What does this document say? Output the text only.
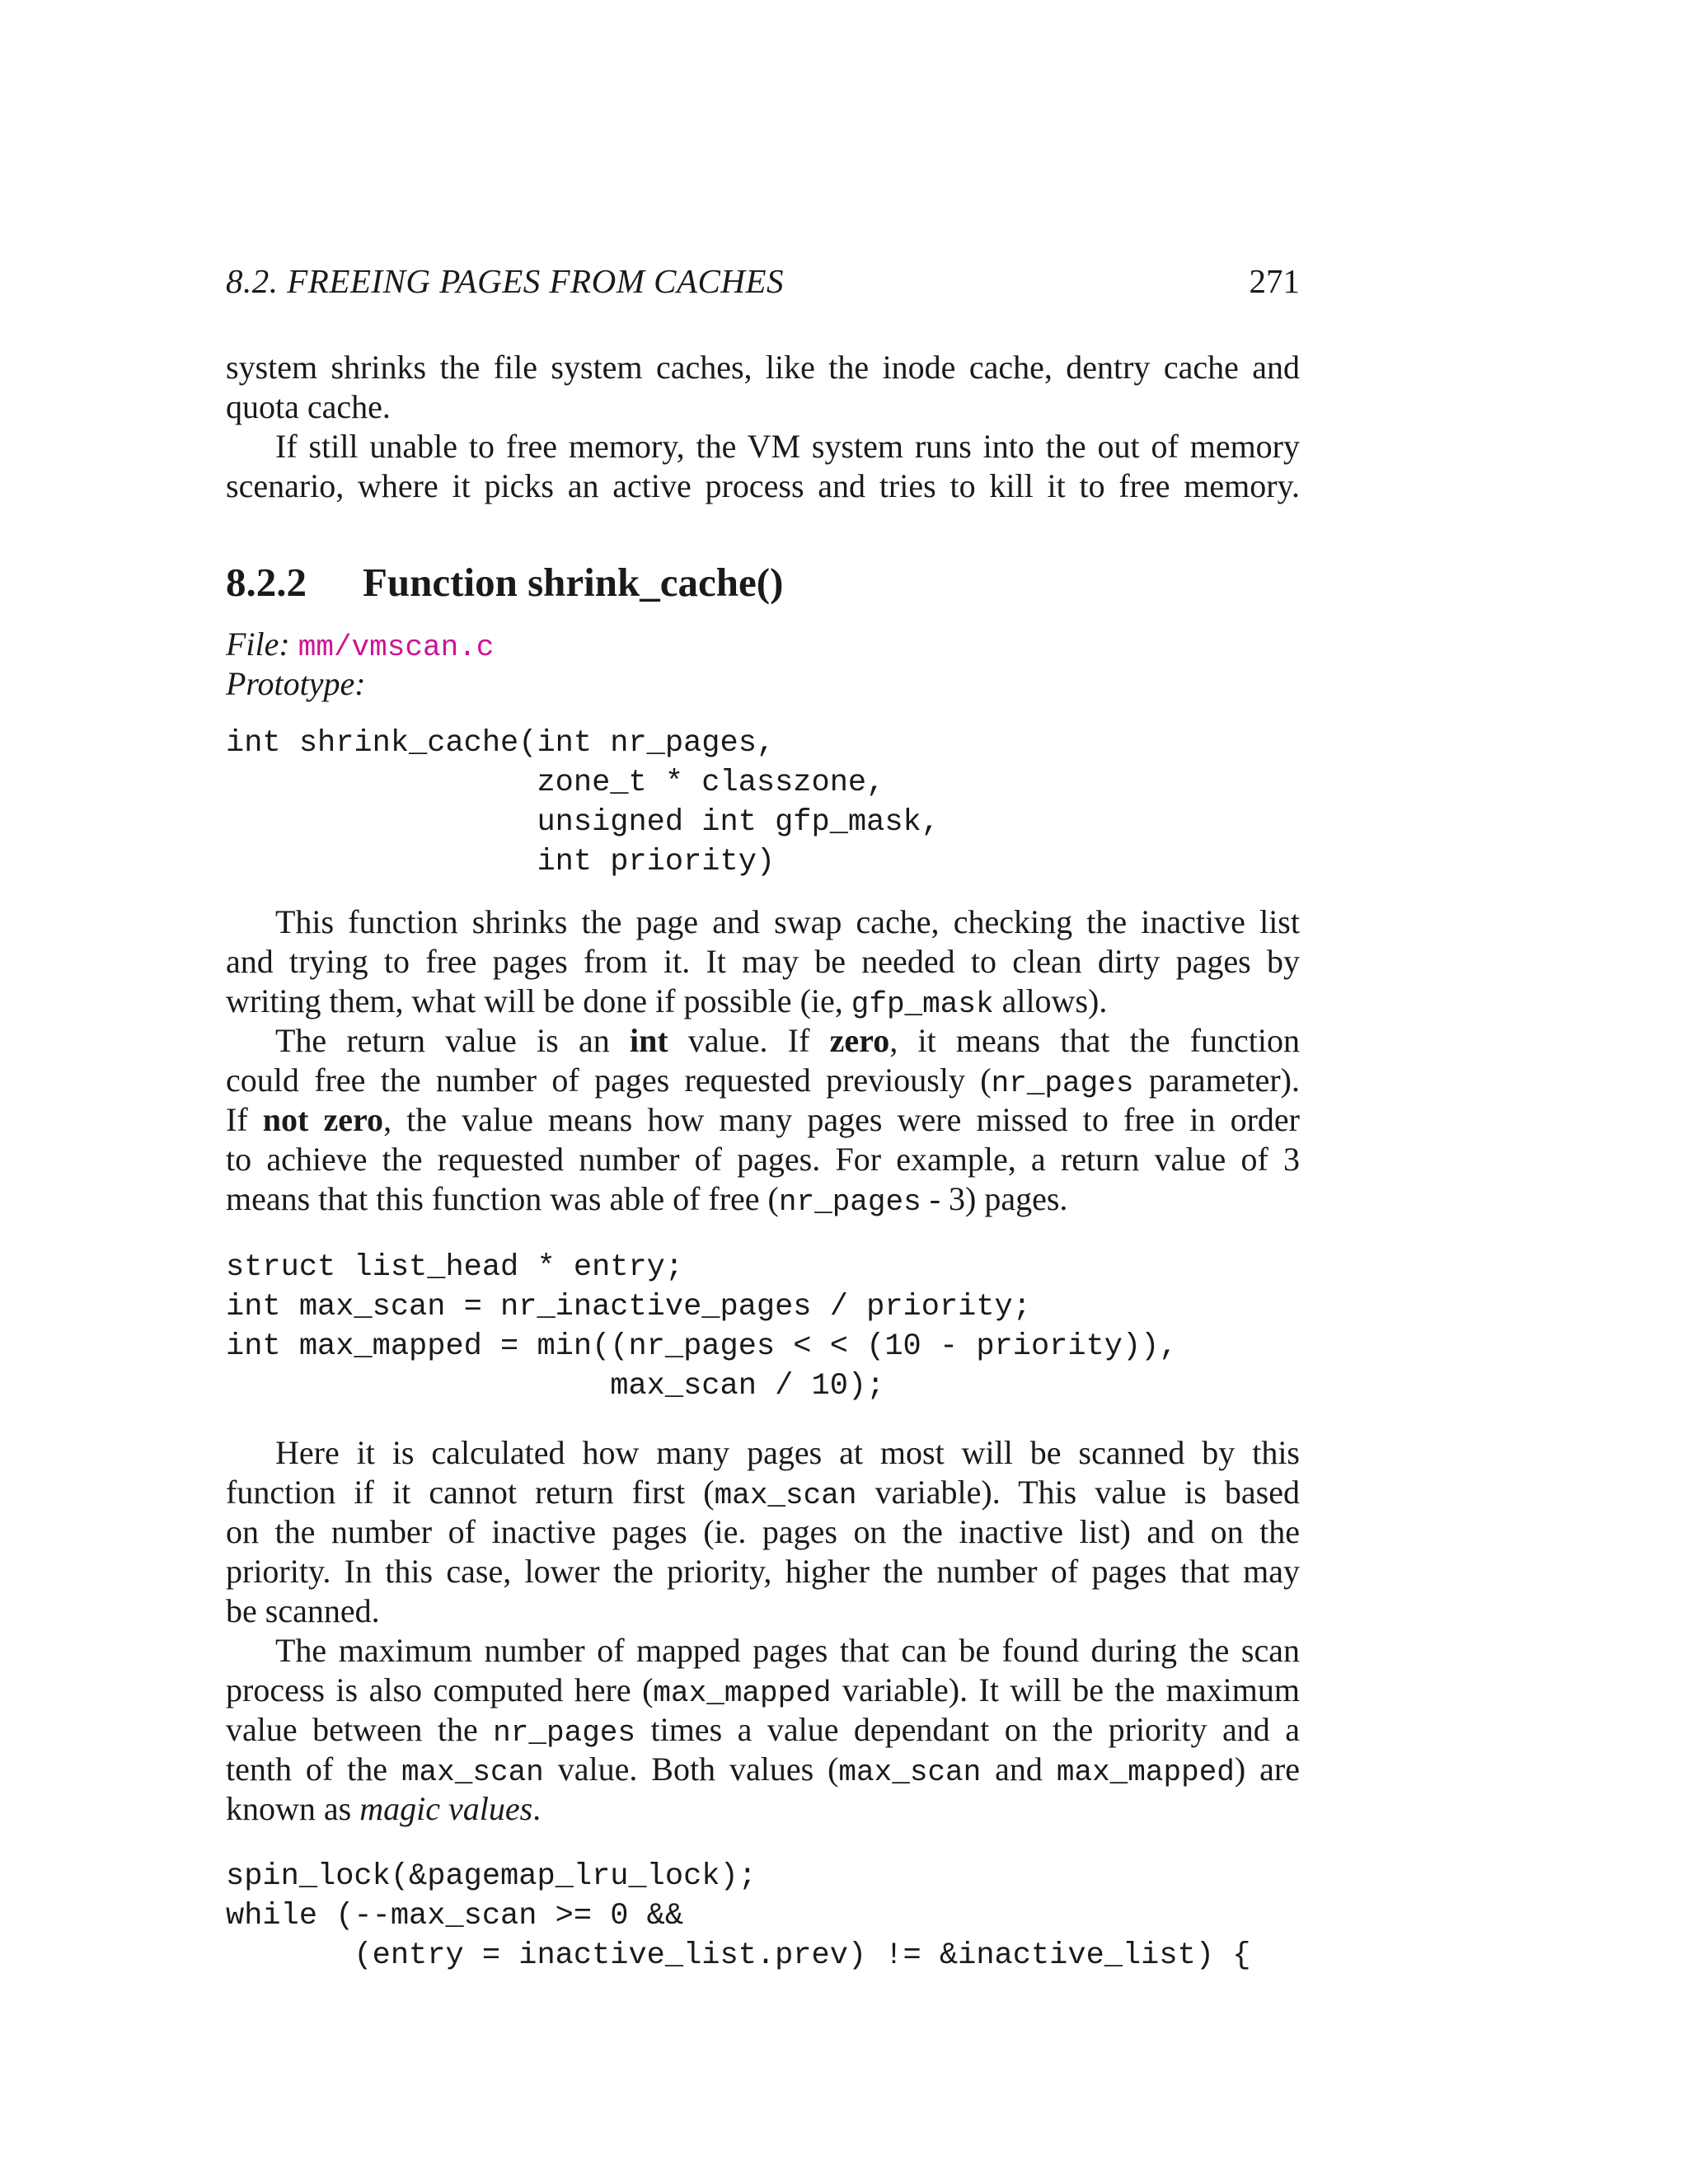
8.2. FREEING PAGES FROM CACHES	271
system shrinks the file system caches, like the inode cache, dentry cache and
quota cache.
If still unable to free memory, the VM system runs into the out of memory
scenario, where it picks an active process and tries to kill it to free memory.
8.2.2 Function shrink_cache()
File: mm/vmscan.c
Prototype:
int shrink_cache(int nr_pages,
zone_t * classzone,
unsigned int gfp_mask,
int priority)
This function shrinks the page and swap cache, checking the inactive list
and trying to free pages from it. It may be needed to clean dirty pages by
writing them, what will be done if possible (ie, gfp_mask allows).
The return value is an int value. If zero, it means that the function
could free the number of pages requested previously (nr_pages parameter).
If not zero, the value means how many pages were missed to free in order
to achieve the requested number of pages. For example, a return value of 3
means that this function was able of free (nr_pages - 3) pages.
struct list_head * entry;
int max_scan = nr_inactive_pages / priority;
int max_mapped = min((nr_pages < < (10 - priority)),
max_scan / 10);
Here it is calculated how many pages at most will be scanned by this
function if it cannot return first (max_scan variable). This value is based
on the number of inactive pages (ie. pages on the inactive list) and on the
priority. In this case, lower the priority, higher the number of pages that may
be scanned.
The maximum number of mapped pages that can be found during the scan
process is also computed here (max_mapped variable). It will be the maximum
value between the nr_pages times a value dependant on the priority and a
tenth of the max_scan value. Both values (max_scan and max_mapped) are
known as magic values.
spin_lock(&pagemap_lru_lock);
while (--max_scan >= 0 &&
(entry = inactive_list.prev) != &inactive_list) {
